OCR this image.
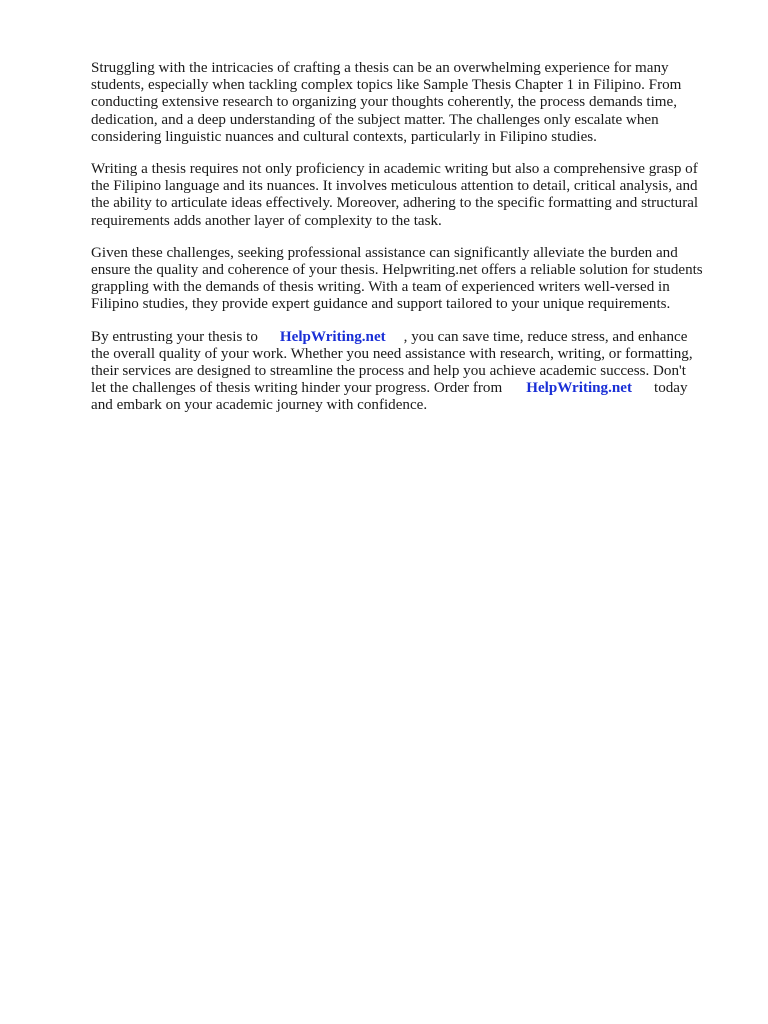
Struggling with the intricacies of crafting a thesis can be an overwhelming experience for many
students, especially when tackling complex topics like Sample Thesis Chapter 1 in Filipino. From
conducting extensive research to organizing your thoughts coherently, the process demands time,
dedication, and a deep understanding of the subject matter. The challenges only escalate when
considering linguistic nuances and cultural contexts, particularly in Filipino studies.

Writing a thesis requires not only proficiency in academic writing but also a comprehensive grasp of
the Filipino language and its nuances. It involves meticulous attention to detail, critical analysis, and
the ability to articulate ideas effectively. Moreover, adhering to the specific formatting and structural
requirements adds another layer of complexity to the task.

Given these challenges, seeking professional assistance can significantly alleviate the burden and
ensure the quality and coherence of your thesis. Helpwriting.net offers a reliable solution for students
grappling with the demands of thesis writing. With a team of experienced writers well-versed in
Filipino studies, they provide expert guidance and support tailored to your unique requirements.

By entrusting your thesis to HelpWriting.net , you can save time, reduce stress, and enhance
the overall quality of your work. Whether you need assistance with research, writing, or formatting,
their services are designed to streamline the process and help you achieve academic success. Don't
let the challenges of thesis writing hinder your progress. Order from HelpWriting.net today
and embark on your academic journey with confidence.
